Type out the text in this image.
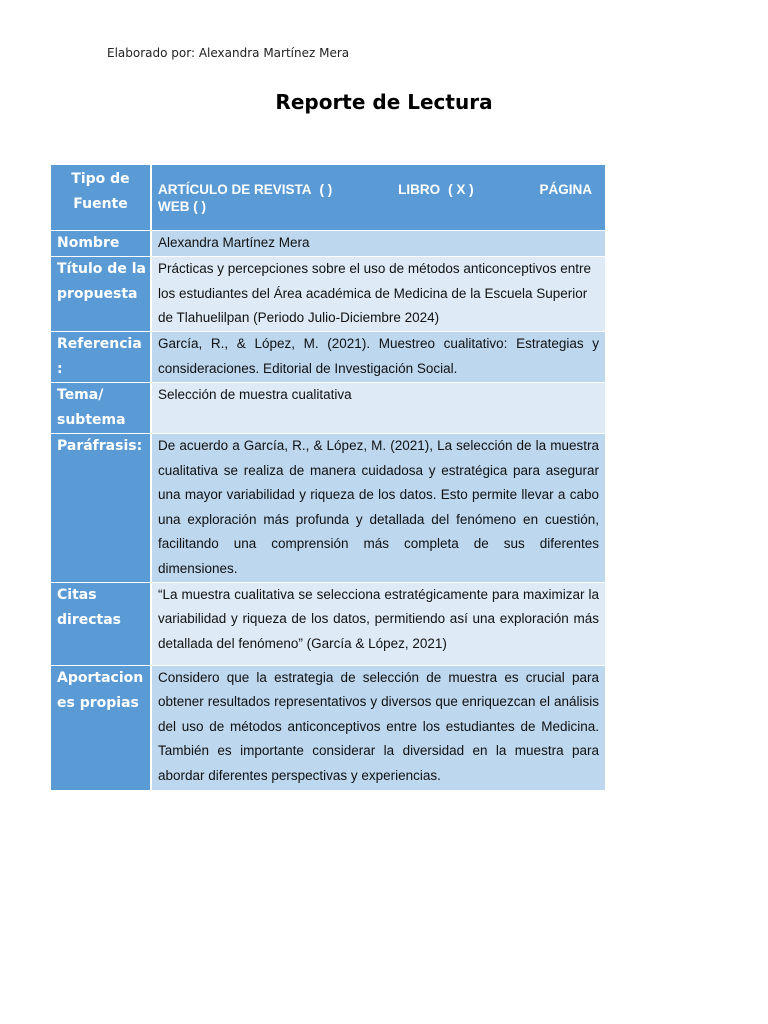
Elaborado por: Alexandra Martínez Mera
Reporte de Lectura
Tipo de Fuente	ARTÍCULO DE REVISTA ( ) LIBRO ( X ) PÁGINA
WEB ( )

Nombre	Alexandra Martínez Mera
Título de la propuesta	Prácticas y percepciones sobre el uso de métodos anticonceptivos entre los estudiantes del Área académica de Medicina de la Escuela Superior de Tlahuelilpan (Periodo Julio-Diciembre 2024)
Referencia :	García, R., & López, M. (2021). Muestreo cualitativo: Estrategias y consideraciones. Editorial de Investigación Social.
Tema/ subtema	Selección de muestra cualitativa
Paráfrasis:	De acuerdo a García, R., & López, M. (2021), La selección de la muestra cualitativa se realiza de manera cuidadosa y estratégica para asegurar una mayor variabilidad y riqueza de los datos. Esto permite llevar a cabo una exploración más profunda y detallada del fenómeno en cuestión, facilitando una comprensión más completa de sus diferentes dimensiones.
Citas directas	“La muestra cualitativa se selecciona estratégicamente para maximizar la variabilidad y riqueza de los datos, permitiendo así una exploración más detallada del fenómeno” (García & López, 2021)
Aportaciones propias	Considero que la estrategia de selección de muestra es crucial para obtener resultados representativos y diversos que enriquezcan el análisis del uso de métodos anticonceptivos entre los estudiantes de Medicina. También es importante considerar la diversidad en la muestra para abordar diferentes perspectivas y experiencias.
